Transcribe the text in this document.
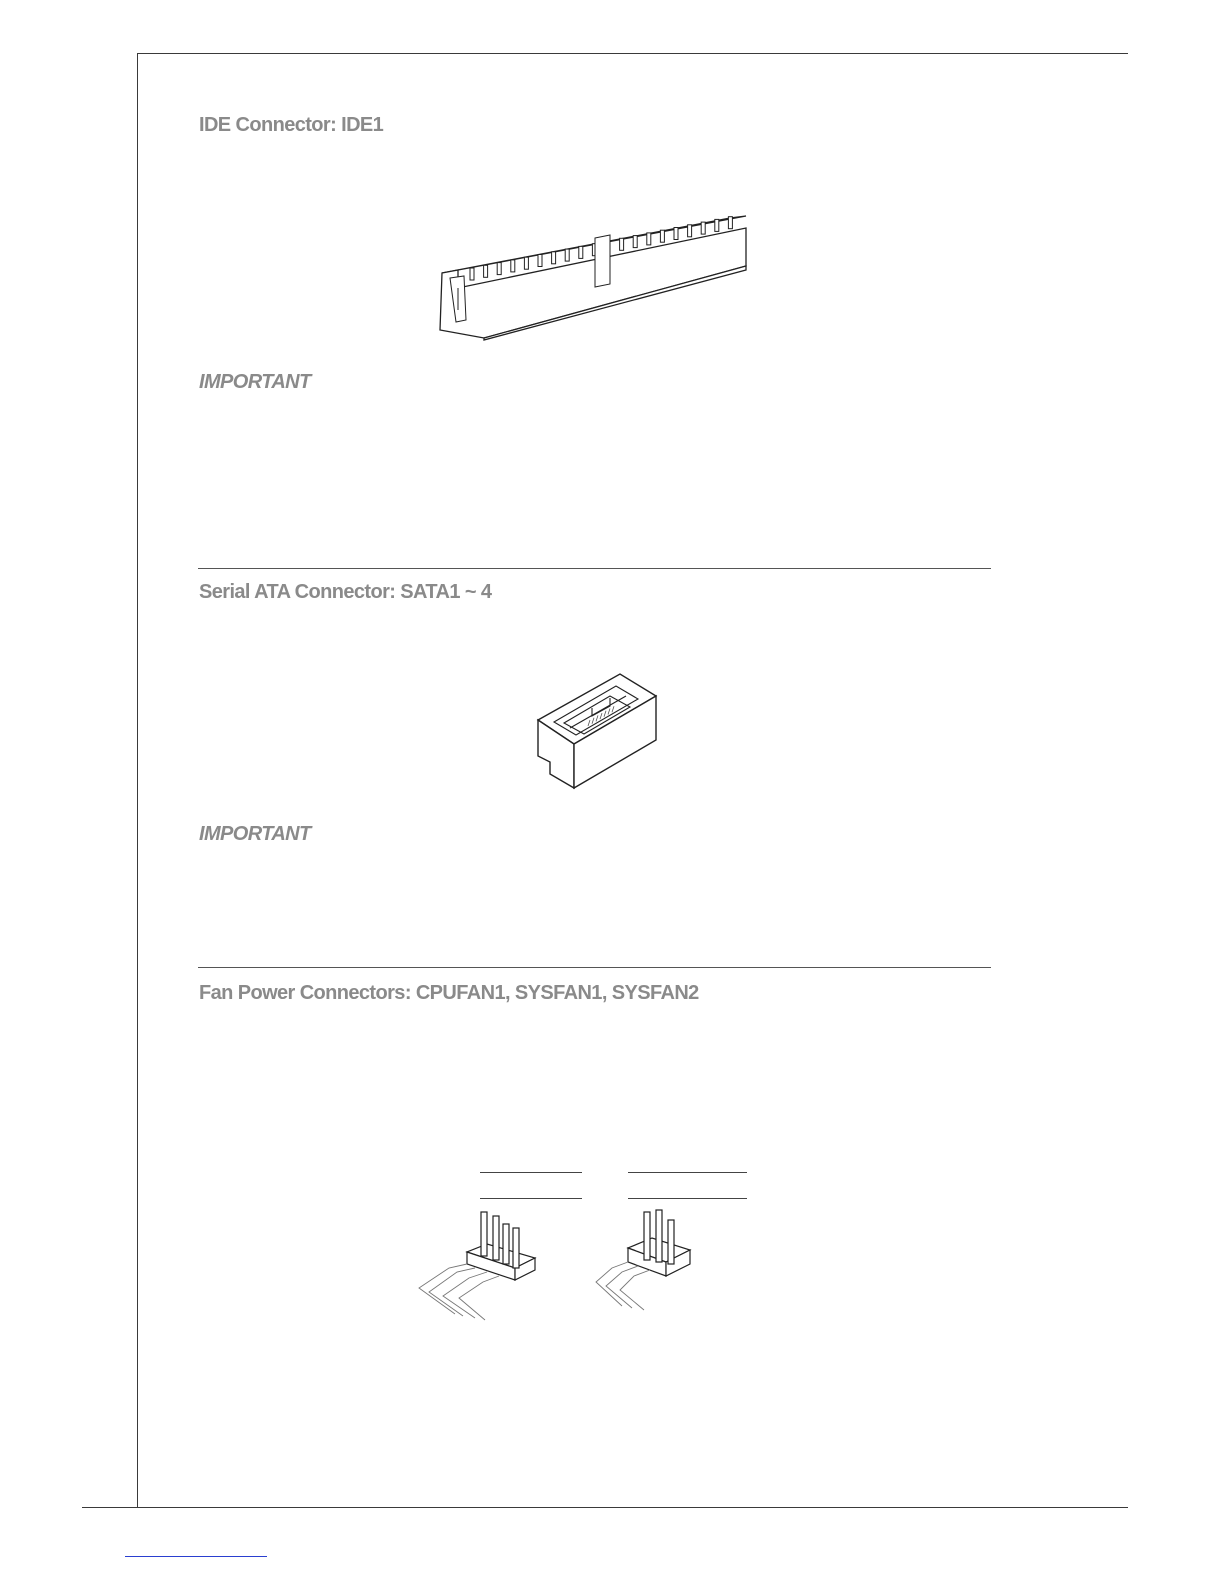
IDE Connector: IDE1
IMPORTANT
Serial ATA Connector: SATA1 ~ 4
IMPORTANT
Fan Power Connectors: CPUFAN1, SYSFAN1, SYSFAN2
